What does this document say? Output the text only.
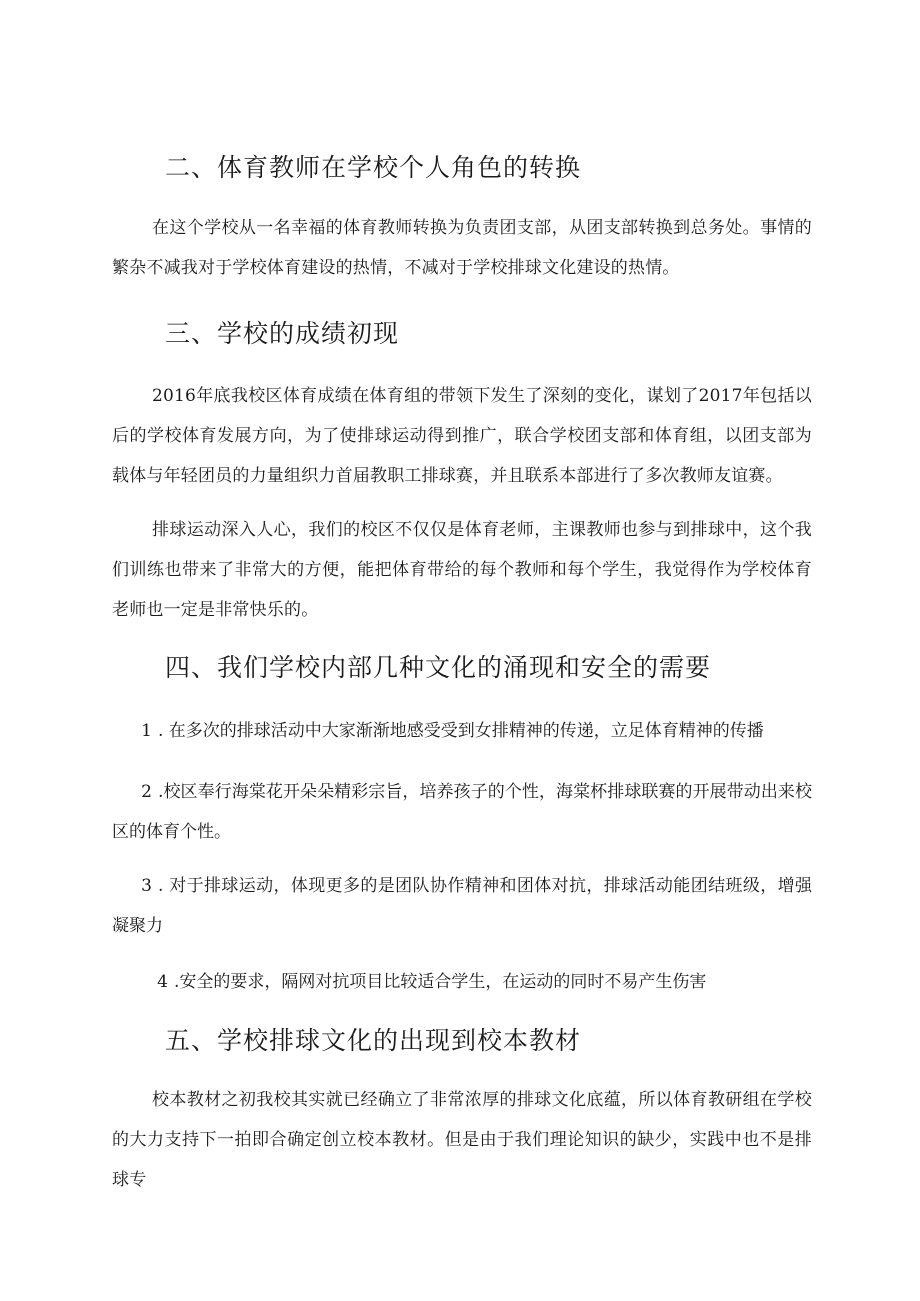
二、体育教师在学校个人角色的转换

在这个学校从一名幸福的体育教师转换为负责团支部，从团支部转换到总务处。事情的繁杂不减我对于学校体育建设的热情，不减对于学校排球文化建设的热情。

三、学校的成绩初现

2016年底我校区体育成绩在体育组的带领下发生了深刻的变化，谋划了2017年包括以后的学校体育发展方向，为了使排球运动得到推广，联合学校团支部和体育组，以团支部为载体与年轻团员的力量组织力首届教职工排球赛，并且联系本部进行了多次教师友谊赛。

排球运动深入人心，我们的校区不仅仅是体育老师，主课教师也参与到排球中，这个我们训练也带来了非常大的方便，能把体育带给的每个教师和每个学生，我觉得作为学校体育老师也一定是非常快乐的。

四、我们学校内部几种文化的涌现和安全的需要

1 . 在多次的排球活动中大家渐渐地感受受到女排精神的传递，立足体育精神的传播

2 .校区奉行海棠花开朵朵精彩宗旨，培养孩子的个性，海棠杯排球联赛的开展带动出来校区的体育个性。

3 . 对于排球运动，体现更多的是团队协作精神和团体对抗，排球活动能团结班级，增强凝聚力

4 .安全的要求，隔网对抗项目比较适合学生，在运动的同时不易产生伤害

五、学校排球文化的出现到校本教材

校本教材之初我校其实就已经确立了非常浓厚的排球文化底蕴，所以体育教研组在学校的大力支持下一拍即合确定创立校本教材。但是由于我们理论知识的缺少，实践中也不是排球专
